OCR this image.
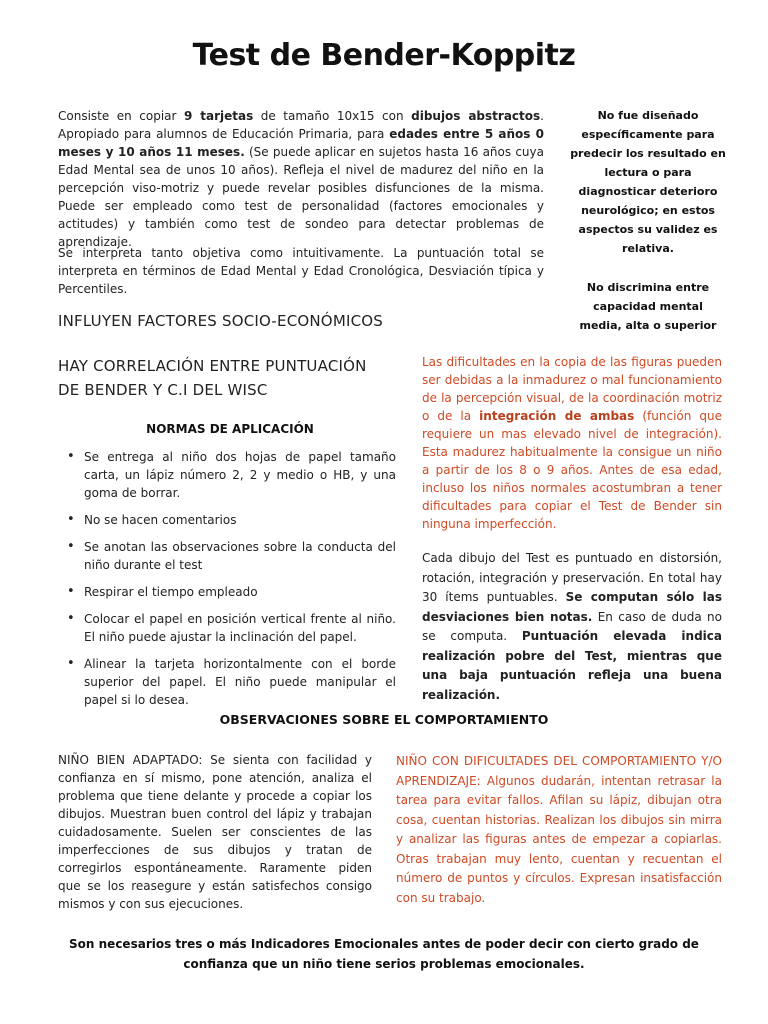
Test de Bender-Koppitz
Consiste en copiar 9 tarjetas de tamaño 10x15 con dibujos abstractos. Apropiado para alumnos de Educación Primaria, para edades entre 5 años 0 meses y 10 años 11 meses. (Se puede aplicar en sujetos hasta 16 años cuya Edad Mental sea de unos 10 años). Refleja el nivel de madurez del niño en la percepción viso-motriz y puede revelar posibles disfunciones de la misma. Puede ser empleado como test de personalidad (factores emocionales y actitudes) y también como test de sondeo para detectar problemas de aprendizaje.
Se interpreta tanto objetiva como intuitivamente. La puntuación total se interpreta en términos de Edad Mental y Edad Cronológica, Desviación típica y Percentiles.
No fue diseñado específicamente para predecir los resultado en lectura o para diagnosticar deterioro neurológico; en estos aspectos su validez es relativa.
No discrimina entre capacidad mental media, alta o superior
INFLUYEN FACTORES SOCIO-ECONÓMICOS
HAY CORRELACIÓN ENTRE PUNTUACIÓN DE BENDER Y C.I DEL WISC
NORMAS DE APLICACIÓN
• Se entrega al niño dos hojas de papel tamaño carta, un lápiz número 2, 2 y medio o HB, y una goma de borrar.
• No se hacen comentarios
• Se anotan las observaciones sobre la conducta del niño durante el test
• Respirar el tiempo empleado
• Colocar el papel en posición vertical frente al niño. El niño puede ajustar la inclinación del papel.
• Alinear la tarjeta horizontalmente con el borde superior del papel. El niño puede manipular el papel si lo desea.
Las dificultades en la copia de las figuras pueden ser debidas a la inmadurez o mal funcionamiento de la percepción visual, de la coordinación motriz o de la integración de ambas (función que requiere un mas elevado nivel de integración). Esta madurez habitualmente la consigue un niño a partir de los 8 o 9 años. Antes de esa edad, incluso los niños normales acostumbran a tener dificultades para copiar el Test de Bender sin ninguna imperfección.
Cada dibujo del Test es puntuado en distorsión, rotación, integración y preservación. En total hay 30 ítems puntuables. Se computan sólo las desviaciones bien notas. En caso de duda no se computa. Puntuación elevada indica realización pobre del Test, mientras que una baja puntuación refleja una buena realización.
OBSERVACIONES SOBRE EL COMPORTAMIENTO
NIÑO BIEN ADAPTADO: Se sienta con facilidad y confianza en sí mismo, pone atención, analiza el problema que tiene delante y procede a copiar los dibujos. Muestran buen control del lápiz y trabajan cuidadosamente. Suelen ser conscientes de las imperfecciones de sus dibujos y tratan de corregirlos espontáneamente. Raramente piden que se los reasegure y están satisfechos consigo mismos y con sus ejecuciones.
NIÑO CON DIFICULTADES DEL COMPORTAMIENTO Y/O APRENDIZAJE: Algunos dudarán, intentan retrasar la tarea para evitar fallos. Afilan su lápiz, dibujan otra cosa, cuentan historias. Realizan los dibujos sin mirra y analizar las figuras antes de empezar a copiarlas. Otras trabajan muy lento, cuentan y recuentan el número de puntos y círculos. Expresan insatisfacción con su trabajo.
Son necesarios tres o más Indicadores Emocionales antes de poder decir con cierto grado de confianza que un niño tiene serios problemas emocionales.
